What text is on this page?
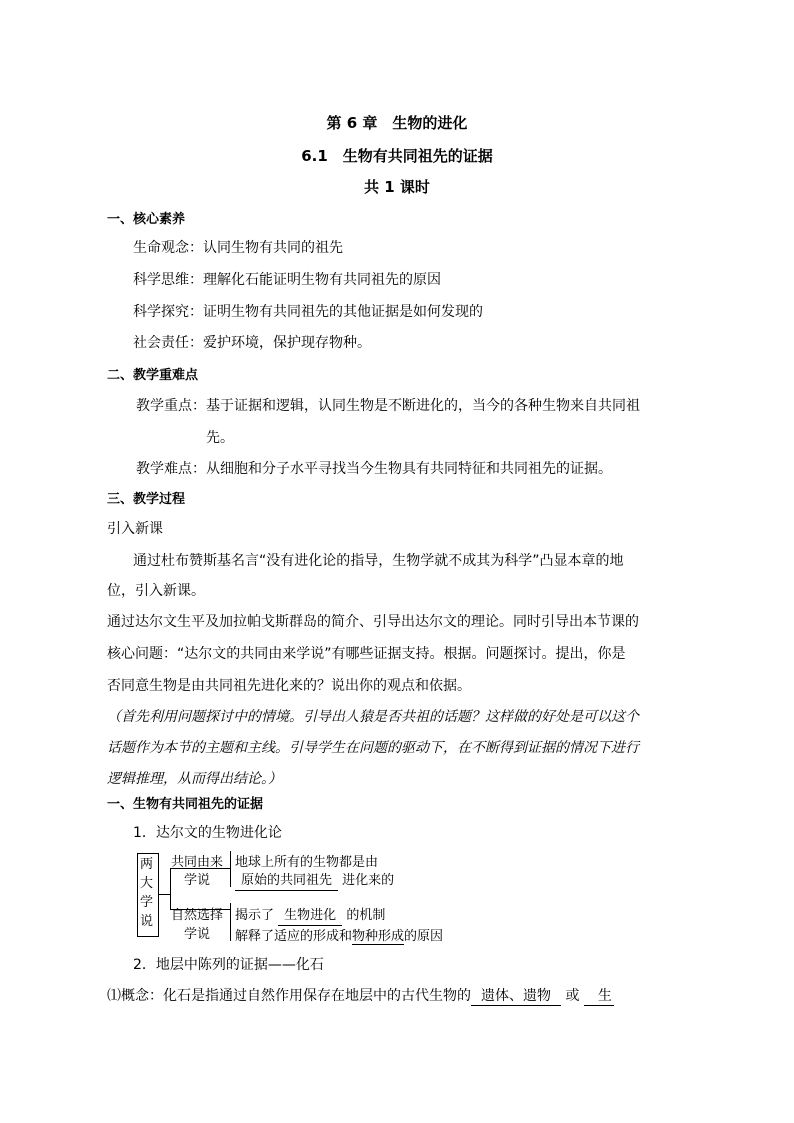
第 6 章　生物的进化
6.1　生物有共同祖先的证据
共 1 课时
一、核心素养
生命观念：认同生物有共同的祖先
科学思维：理解化石能证明生物有共同祖先的原因
科学探究：证明生物有共同祖先的其他证据是如何发现的
社会责任：爱护环境，保护现存物种。
二、教学重难点
教学重点： 基于证据和逻辑，认同生物是不断进化的，当今的各种生物来自共同祖
先。
教学难点：从细胞和分子水平寻找当今生物具有共同特征和共同祖先的证据。
三、教学过程
引入新课
通过杜布赞斯基名言“没有进化论的指导，生物学就不成其为科学”凸显本章的地
位，引入新课。
通过达尔文生平及加拉帕戈斯群岛的简介、引导出达尔文的理论。同时引导出本节课的
核心问题：“达尔文的共同由来学说”有哪些证据支持。根据。问题探讨。提出，你是
否同意生物是由共同祖先进化来的？说出你的观点和依据。
（首先利用问题探讨中的情境。引导出人猿是否共祖的话题？这样做的好处是可以这个
话题作为本节的主题和主线。引导学生在问题的驱动下，在不断得到证据的情况下进行
逻辑推理，从而得出结论。）
一、生物有共同祖先的证据
1．达尔文的生物进化论
两
大
学
说
共同由来
学说
地球上所有的生物都是由
原始的共同祖先 进化来的
自然选择
学说
揭示了 生物进化 的机制
解释了适应的形成和物种形成的原因
2．地层中陈列的证据——化石
⑴概念：化石是指通过自然作用保存在地层中的古代生物的 遗体、遗物 或 生
